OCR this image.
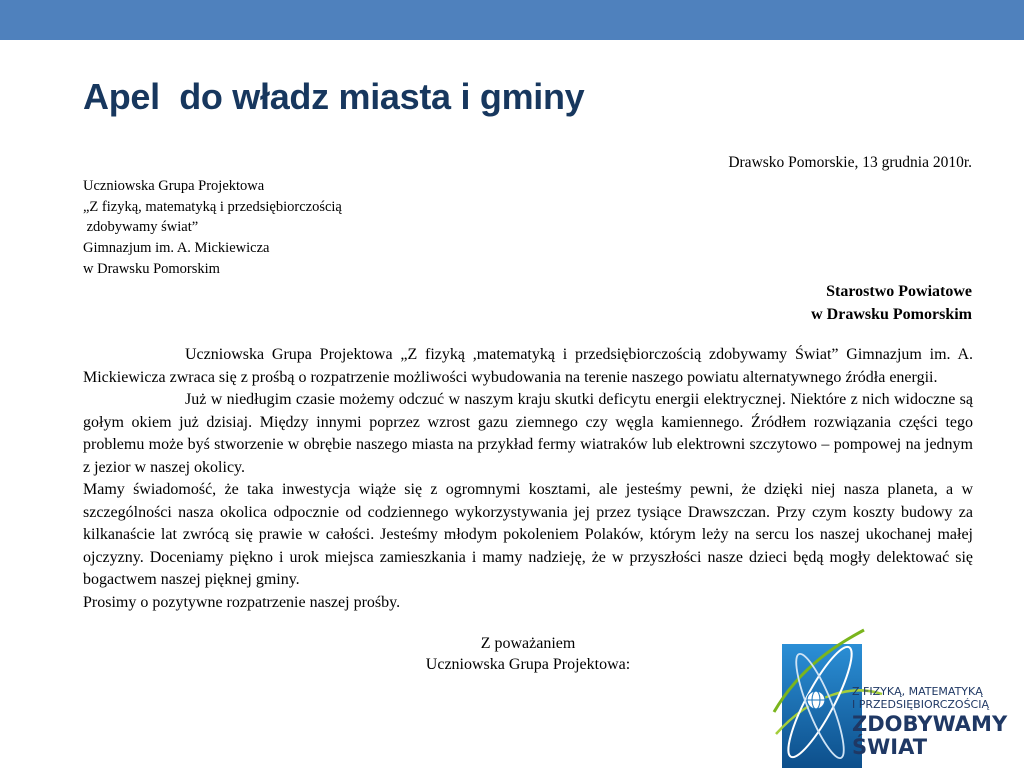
Apel  do władz miasta i gminy
Drawsko Pomorskie, 13 grudnia 2010r.
Uczniowska Grupa Projektowa
„Z fizyką, matematyką i przedsiębiorczością
zdobywamy świat”
Gimnazjum im. A. Mickiewicza
w Drawsku Pomorskim
Starostwo Powiatowe
w Drawsku Pomorskim

Uczniowska Grupa Projektowa „Z fizyką ,matematyką i przedsiębiorczością zdobywamy Świat” Gimnazjum im. A. Mickiewicza zwraca się z prośbą o rozpatrzenie możliwości wybudowania na terenie naszego powiatu alternatywnego źródła energii.

Już w niedługim czasie możemy odczuć w naszym kraju skutki deficytu energii elektrycznej. Niektóre z nich widoczne są gołym okiem już dzisiaj. Między innymi poprzez wzrost gazu ziemnego czy węgla kamiennego. Źródłem rozwiązania części tego problemu może byś stworzenie w obrębie naszego miasta na przykład fermy wiatraków lub elektrowni szczytowo – pompowej na jednym z jezior w naszej okolicy.

Mamy świadomość, że taka inwestycja wiąże się z ogromnymi kosztami, ale jesteśmy pewni, że dzięki niej nasza planeta, a w szczególności nasza okolica odpocznie od codziennego wykorzystywania jej przez tysiące Drawszczan. Przy czym koszty budowy za kilkanaście lat zwrócą się prawie w całości. Jesteśmy młodym pokoleniem Polaków, którym leży na sercu los naszej ukochanej małej ojczyzny. Doceniamy piękno i urok miejsca zamieszkania i mamy nadzieję, że w przyszłości nasze dzieci będą mogły delektować się bogactwem naszej pięknej gminy.

Prosimy o pozytywne rozpatrzenie naszej prośby.

Z poważaniem
Uczniowska Grupa Projektowa:
Z FIZYKĄ, MATEMATYKĄ
I PRZEDSIĘBIORCZOŚCIĄ
ZDOBYWAMY
ŚWIAT
